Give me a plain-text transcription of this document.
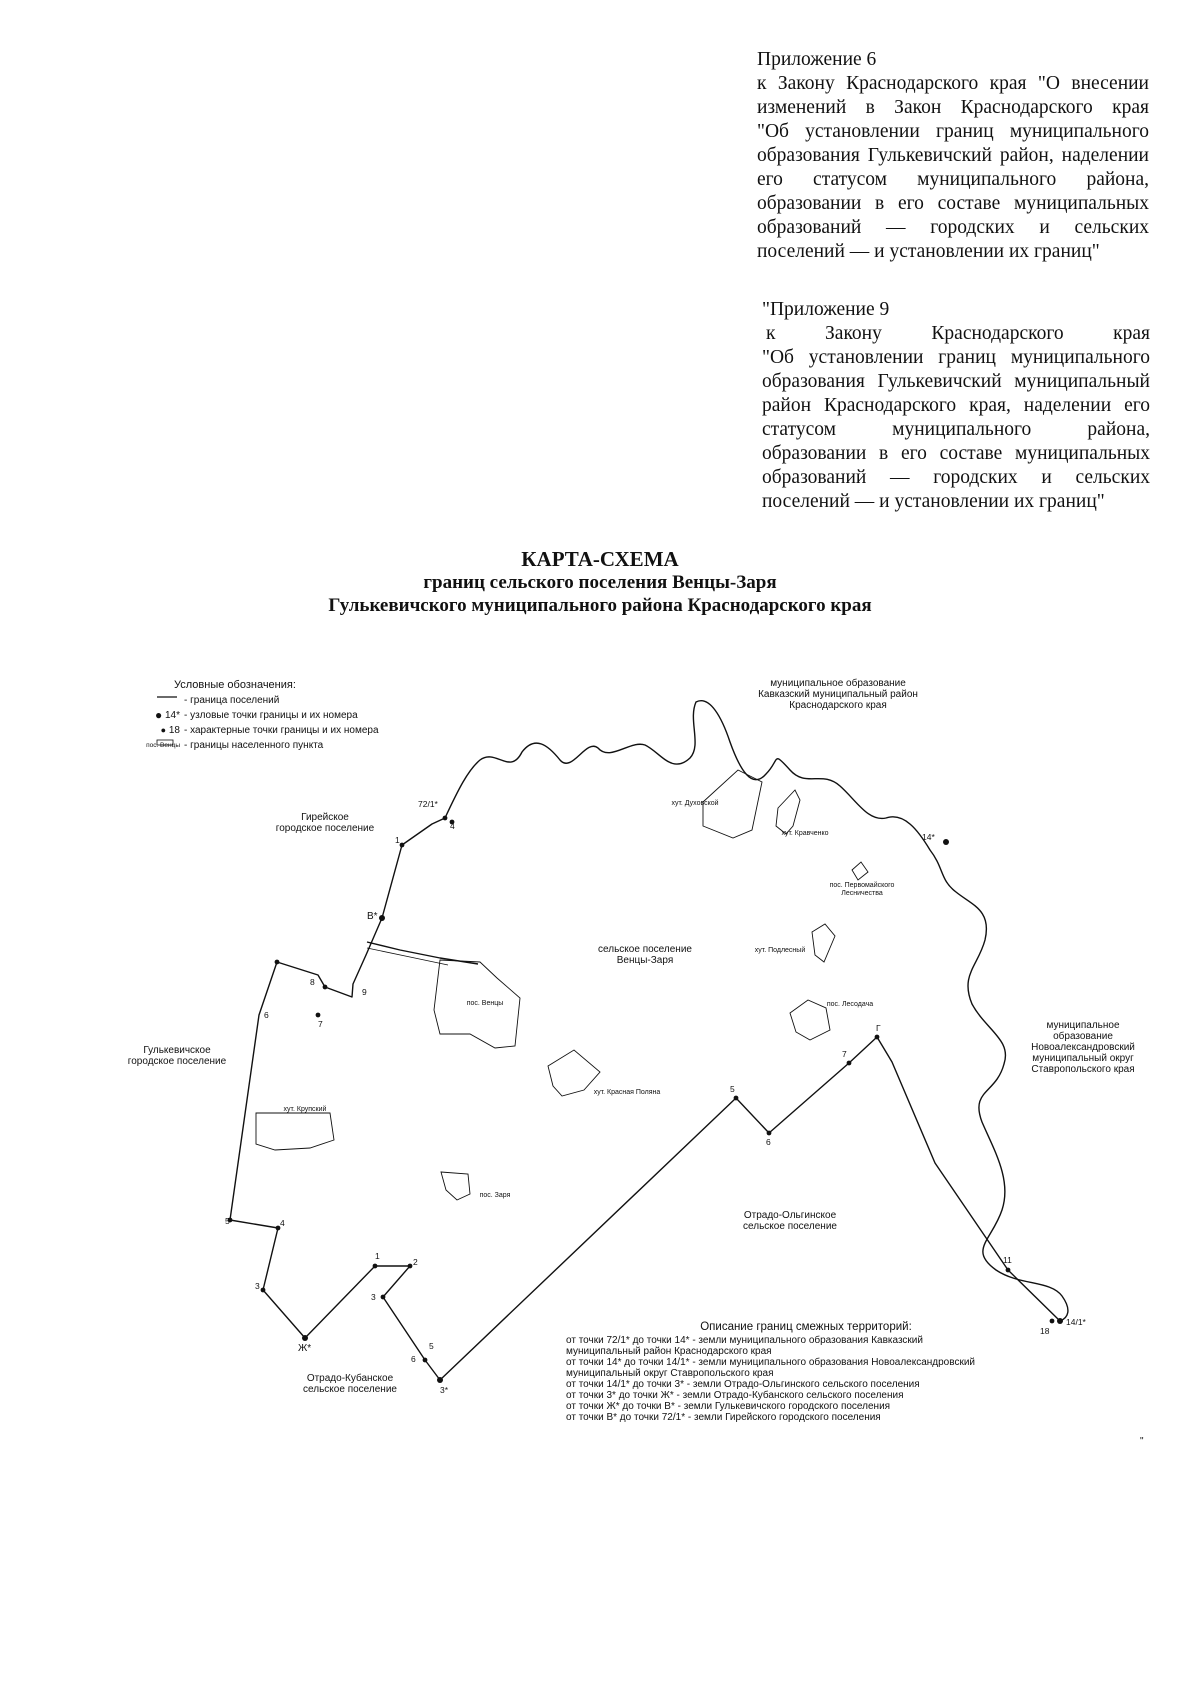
Приложение 6
к Закону Краснодарского края "О внесении
изменений в Закон Краснодарского края
"Об установлении границ муниципального
образования Гулькевичский район, наделении
его статусом муниципального района,
образовании в его составе муниципальных
образований — городских и сельских
поселений — и установлении их границ"
"Приложение 9
к Закону Краснодарского края
"Об установлении границ муниципального
образования Гулькевичский муниципальный
район Краснодарского края, наделении его
статусом муниципального района,
образовании в его составе муниципальных
образований — городских и сельских
поселений — и установлении их границ"
КАРТА-СХЕМА
границ сельского поселения Венцы-Заря
Гулькевичского муниципального района Краснодарского края
Условные обозначения:
- граница поселений
●
14* - узловые точки границы и их номера
●
18 - характерные точки границы и их номера
пос. Венцы - границы населенного пункта
муниципальное образование
Кавказский муниципальный район
Краснодарского края
муниципальное
образование
Новоалександровский
муниципальный округ
Ставропольского края
Гирейское
городское поселение
Гулькевичское
городское поселение
сельское поселение
Венцы-Заря
Отрадо-Ольгинское
сельское поселение
Отрадо-Кубанское
сельское поселение
хут. Духовской
хут. Кравченко
пос. Первомайского
Лесничества
хут. Подлесный
пос. Венцы	пос. Лесодача
хут. Красная Поляна
хут. Крупский
пос. Заря
72/1*
4
1
В*
8
9
6
7
5	4
3
Ж*
1
2
3
5
6
3*
5
6
7
Г
11
18
14/1*
14*
Описание границ смежных территорий:
от точки 72/1* до точки 14* - земли муниципального образования Кавказский
муниципальный район Краснодарского края
от точки 14* до точки 14/1* - земли муниципального образования Новоалександровский
муниципальный округ Ставропольского края
от точки 14/1* до точки 3* - земли Отрадо-Ольгинского сельского поселения
от точки 3* до точки Ж* - земли Отрадо-Кубанского сельского поселения
от точки Ж* до точки В* - земли Гулькевичского городского поселения
от точки В* до точки 72/1* - земли Гирейского городского поселения
"
